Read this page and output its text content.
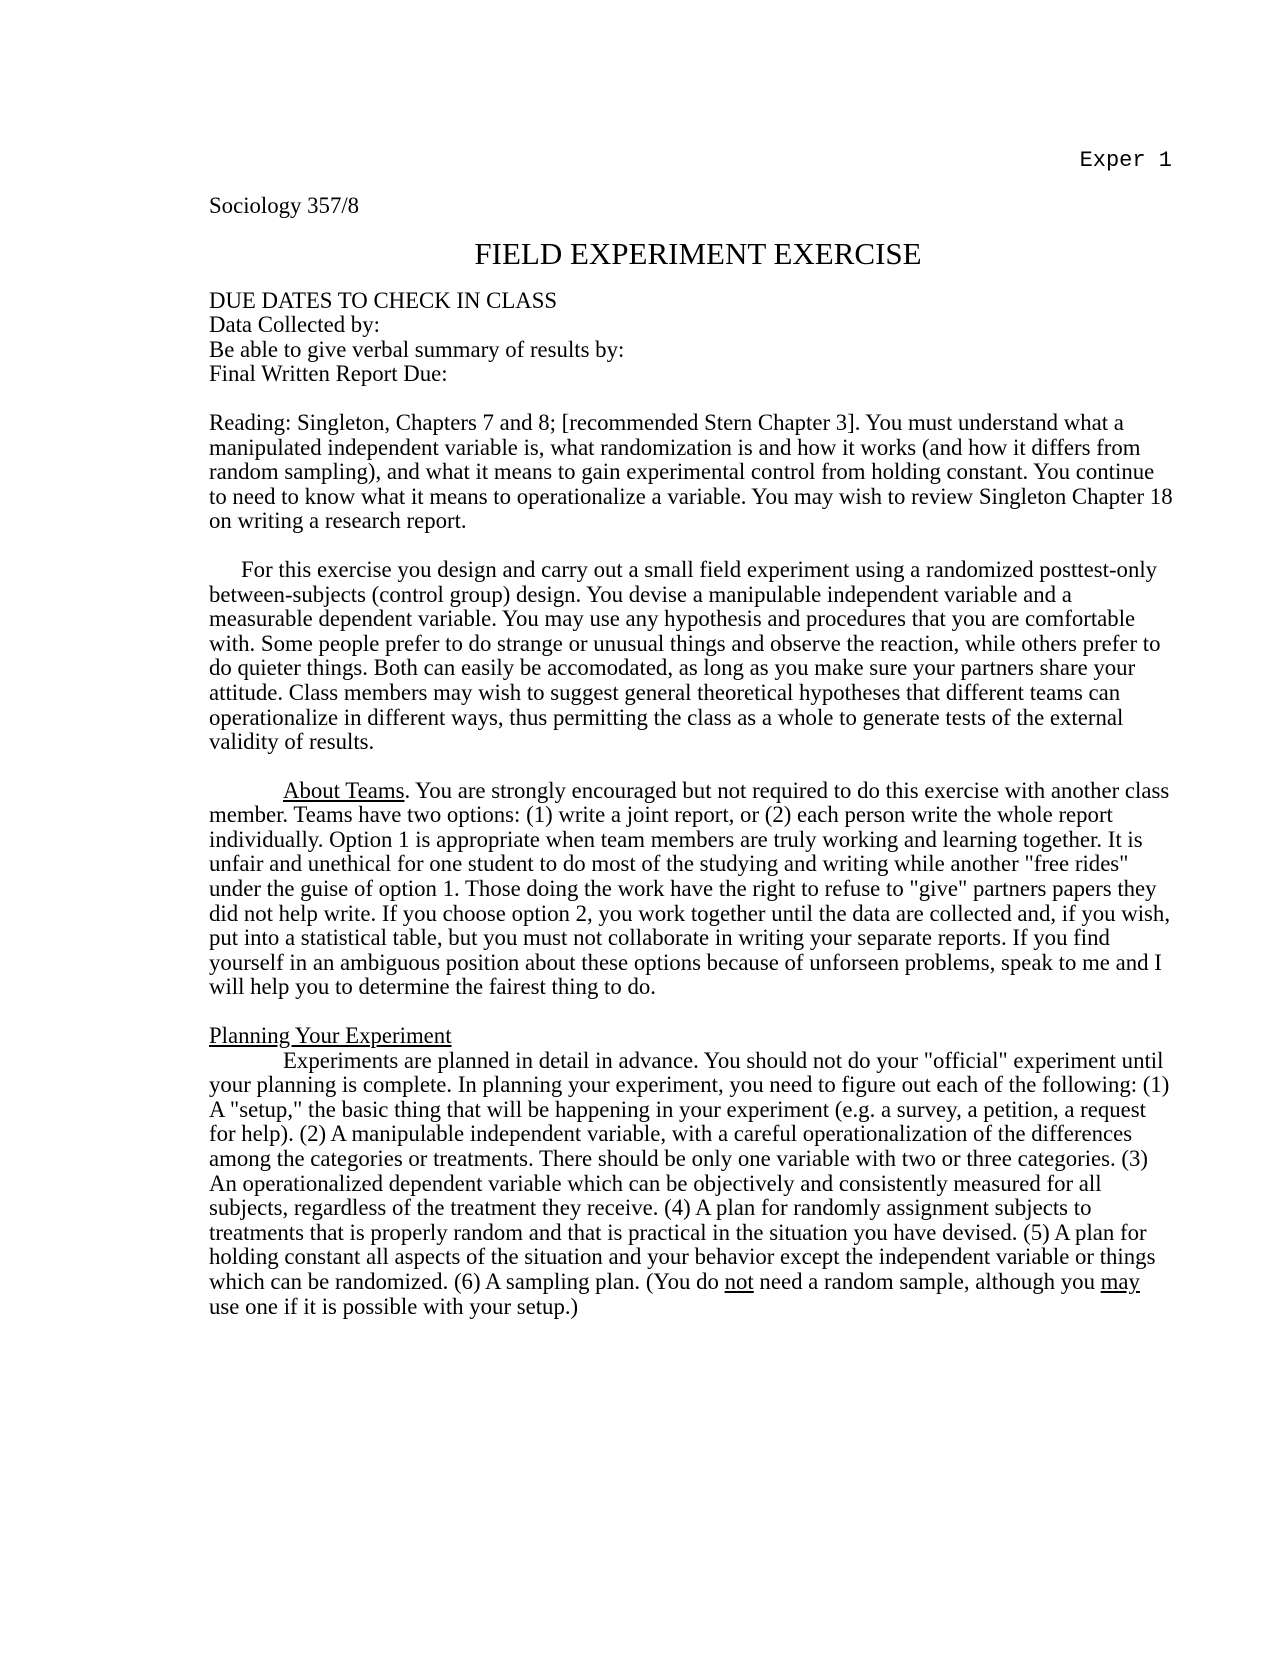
Exper 1
Sociology 357/8
FIELD EXPERIMENT EXERCISE
DUE DATES TO CHECK IN CLASS
Data Collected by:
Be able to give verbal summary of results by:
Final Written Report Due:

Reading: Singleton, Chapters 7 and 8; [recommended Stern Chapter 3]. You must understand what a manipulated independent variable is, what randomization is and how it works (and how it differs from random sampling), and what it means to gain experimental control from holding constant. You continue to need to know what it means to operationalize a variable. You may wish to review Singleton Chapter 18 on writing a research report.

For this exercise you design and carry out a small field experiment using a randomized posttest-only between-subjects (control group) design. You devise a manipulable independent variable and a measurable dependent variable. You may use any hypothesis and procedures that you are comfortable with. Some people prefer to do strange or unusual things and observe the reaction, while others prefer to do quieter things. Both can easily be accomodated, as long as you make sure your partners share your attitude. Class members may wish to suggest general theoretical hypotheses that different teams can operationalize in different ways, thus permitting the class as a whole to generate tests of the external validity of results.

About Teams. You are strongly encouraged but not required to do this exercise with another class member. Teams have two options: (1) write a joint report, or (2) each person write the whole report individually. Option 1 is appropriate when team members are truly working and learning together. It is unfair and unethical for one student to do most of the studying and writing while another "free rides" under the guise of option 1. Those doing the work have the right to refuse to "give" partners papers they did not help write. If you choose option 2, you work together until the data are collected and, if you wish, put into a statistical table, but you must not collaborate in writing your separate reports. If you find yourself in an ambiguous position about these options because of unforseen problems, speak to me and I will help you to determine the fairest thing to do.

Planning Your Experiment

Experiments are planned in detail in advance. You should not do your "official" experiment until your planning is complete. In planning your experiment, you need to figure out each of the following: (1) A "setup," the basic thing that will be happening in your experiment (e.g. a survey, a petition, a request for help). (2) A manipulable independent variable, with a careful operationalization of the differences among the categories or treatments. There should be only one variable with two or three categories. (3) An operationalized dependent variable which can be objectively and consistently measured for all subjects, regardless of the treatment they receive. (4) A plan for randomly assignment subjects to treatments that is properly random and that is practical in the situation you have devised. (5) A plan for holding constant all aspects of the situation and your behavior except the independent variable or things which can be randomized. (6) A sampling plan. (You do not need a random sample, although you may use one if it is possible with your setup.)
